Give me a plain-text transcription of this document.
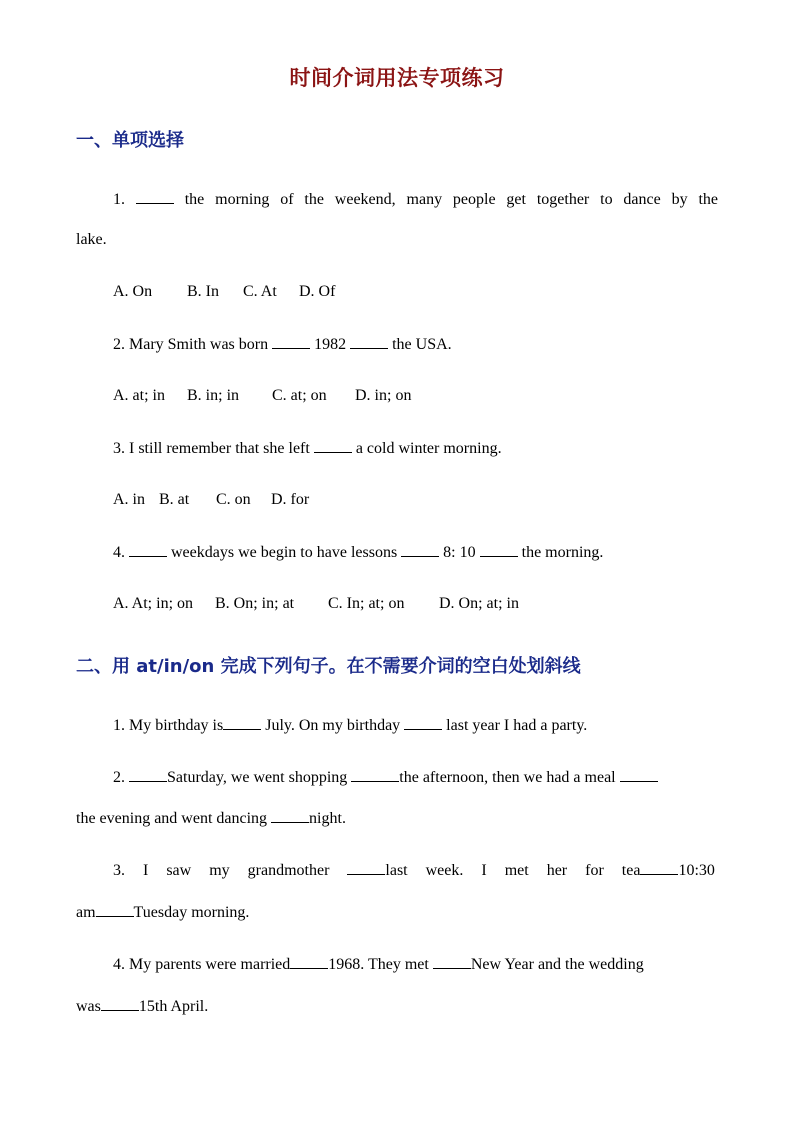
时间介词用法专项练习
一、单项选择
1.	the morning of the weekend, many people get together to dance by the
lake.
A. On B. In C. At D. Of
2. Mary Smith was born	1982	the USA.
A. at; in B. in; in C. at; on D. in; on
3. I still remember that she left	a cold winter morning.
A. in B. at C. on D. for
4.	weekdays we begin to have lessons	8: 10	the morning.
A. At; in; on B. On; in; at C. In; at; on D. On; at; in
二、用 at/in/on 完成下列句子。在不需要介词的空白处划斜线
1. My birthday is	July. On my birthday	last year I had a party.
2.	Saturday, we went shopping	the afternoon, then we had a meal
the evening and went dancing	night.
3. I saw my grandmother	last week. I met her for tea 10:30
am Tuesday morning.
4. My parents were married 1968. They met	New Year and the wedding
was 15th April.
